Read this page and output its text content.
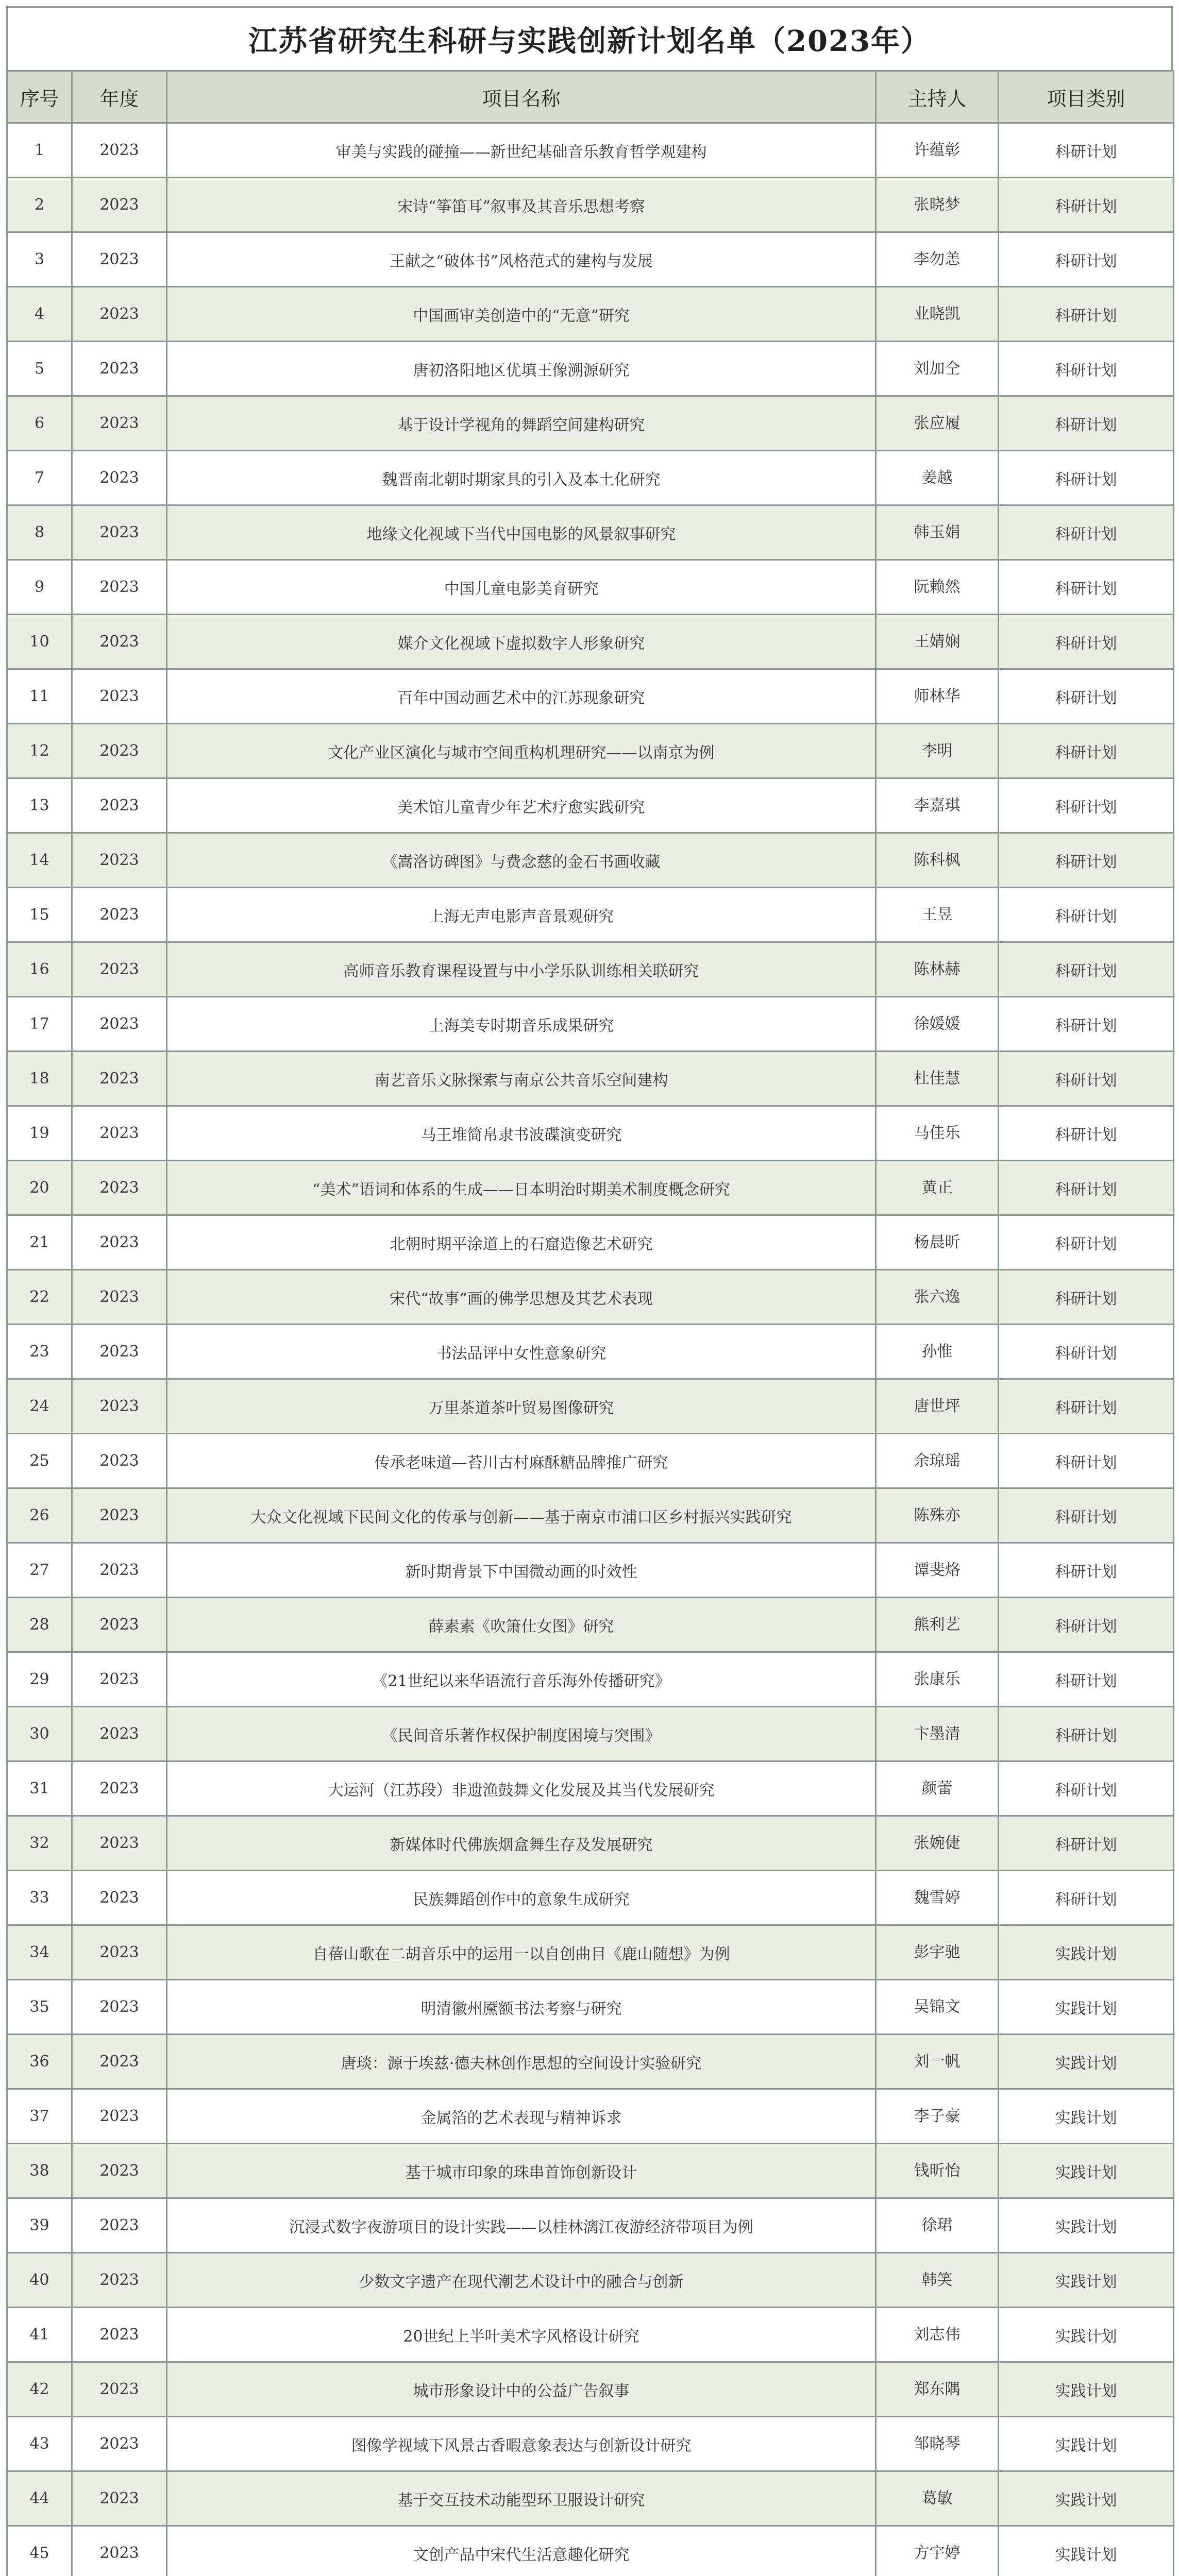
江苏省研究生科研与实践创新计划名单（2023年）
序号	年度	项目名称	主持人	项目类别
1	2023	审美与实践的碰撞——新世纪基础音乐教育哲学观建构	许蕴彰	科研计划
2	2023	宋诗“筝笛耳”叙事及其音乐思想考察	张晓梦	科研计划
3	2023	王献之“破体书”风格范式的建构与发展	李勿恙	科研计划
4	2023	中国画审美创造中的“无意”研究	业晓凯	科研计划
5	2023	唐初洛阳地区优填王像溯源研究	刘加仝	科研计划
6	2023	基于设计学视角的舞蹈空间建构研究	张应履	科研计划
7	2023	魏晋南北朝时期家具的引入及本土化研究	姜越	科研计划
8	2023	地缘文化视域下当代中国电影的风景叙事研究	韩玉娟	科研计划
9	2023	中国儿童电影美育研究	阮赖然	科研计划
10	2023	媒介文化视域下虚拟数字人形象研究	王婧娴	科研计划
11	2023	百年中国动画艺术中的江苏现象研究	师林华	科研计划
12	2023	文化产业区演化与城市空间重构机理研究——以南京为例	李明	科研计划
13	2023	美术馆儿童青少年艺术疗愈实践研究	李嘉琪	科研计划
14	2023	《嵩洛访碑图》与费念慈的金石书画收藏	陈科枫	科研计划
15	2023	上海无声电影声音景观研究	王昱	科研计划
16	2023	高师音乐教育课程设置与中小学乐队训练相关联研究	陈林赫	科研计划
17	2023	上海美专时期音乐成果研究	徐媛媛	科研计划
18	2023	南艺音乐文脉探索与南京公共音乐空间建构	杜佳慧	科研计划
19	2023	马王堆简帛隶书波碟演变研究	马佳乐	科研计划
20	2023	“美术”语词和体系的生成——日本明治时期美术制度概念研究	黄正	科研计划
21	2023	北朝时期平涂道上的石窟造像艺术研究	杨晨昕	科研计划
22	2023	宋代“故事”画的佛学思想及其艺术表现	张六逸	科研计划
23	2023	书法品评中女性意象研究	孙惟	科研计划
24	2023	万里茶道茶叶贸易图像研究	唐世坪	科研计划
25	2023	传承老味道—苔川古村麻酥糖品牌推广研究	余琼瑶	科研计划
26	2023	大众文化视域下民间文化的传承与创新——基于南京市浦口区乡村振兴实践研究	陈殊亦	科研计划
27	2023	新时期背景下中国微动画的时效性	谭斐烙	科研计划
28	2023	薛素素《吹箫仕女图》研究	熊利艺	科研计划
29	2023	《21世纪以来华语流行音乐海外传播研究》	张康乐	科研计划
30	2023	《民间音乐著作权保护制度困境与突围》	卞墨清	科研计划
31	2023	大运河（江苏段）非遗渔鼓舞文化发展及其当代发展研究	颜蕾	科研计划
32	2023	新媒体时代佛族烟盒舞生存及发展研究	张婉倢	科研计划
33	2023	民族舞蹈创作中的意象生成研究	魏雪婷	科研计划
34	2023	自蓓山歌在二胡音乐中的运用一以自创曲目《鹿山随想》为例	彭宇驰	实践计划
35	2023	明清徽州黡额书法考察与研究	吴锦文	实践计划
36	2023	唐琰：源于埃兹·德夫林创作思想的空间设计实验研究	刘一帆	实践计划
37	2023	金属箔的艺术表现与精神诉求	李子豪	实践计划
38	2023	基于城市印象的珠串首饰创新设计	钱昕怡	实践计划
39	2023	沉浸式数字夜游项目的设计实践——以桂林漓江夜游经济带项目为例	徐珺	实践计划
40	2023	少数文字遗产在现代潮艺术设计中的融合与创新	韩笑	实践计划
41	2023	20世纪上半叶美术字风格设计研究	刘志伟	实践计划
42	2023	城市形象设计中的公益广告叙事	郑东隅	实践计划
43	2023	图像学视域下风景古香暇意象表达与创新设计研究	邹晓琴	实践计划
44	2023	基于交互技术动能型环卫服设计研究	葛敏	实践计划
45	2023	文创产品中宋代生活意趣化研究	方宇婷	实践计划
